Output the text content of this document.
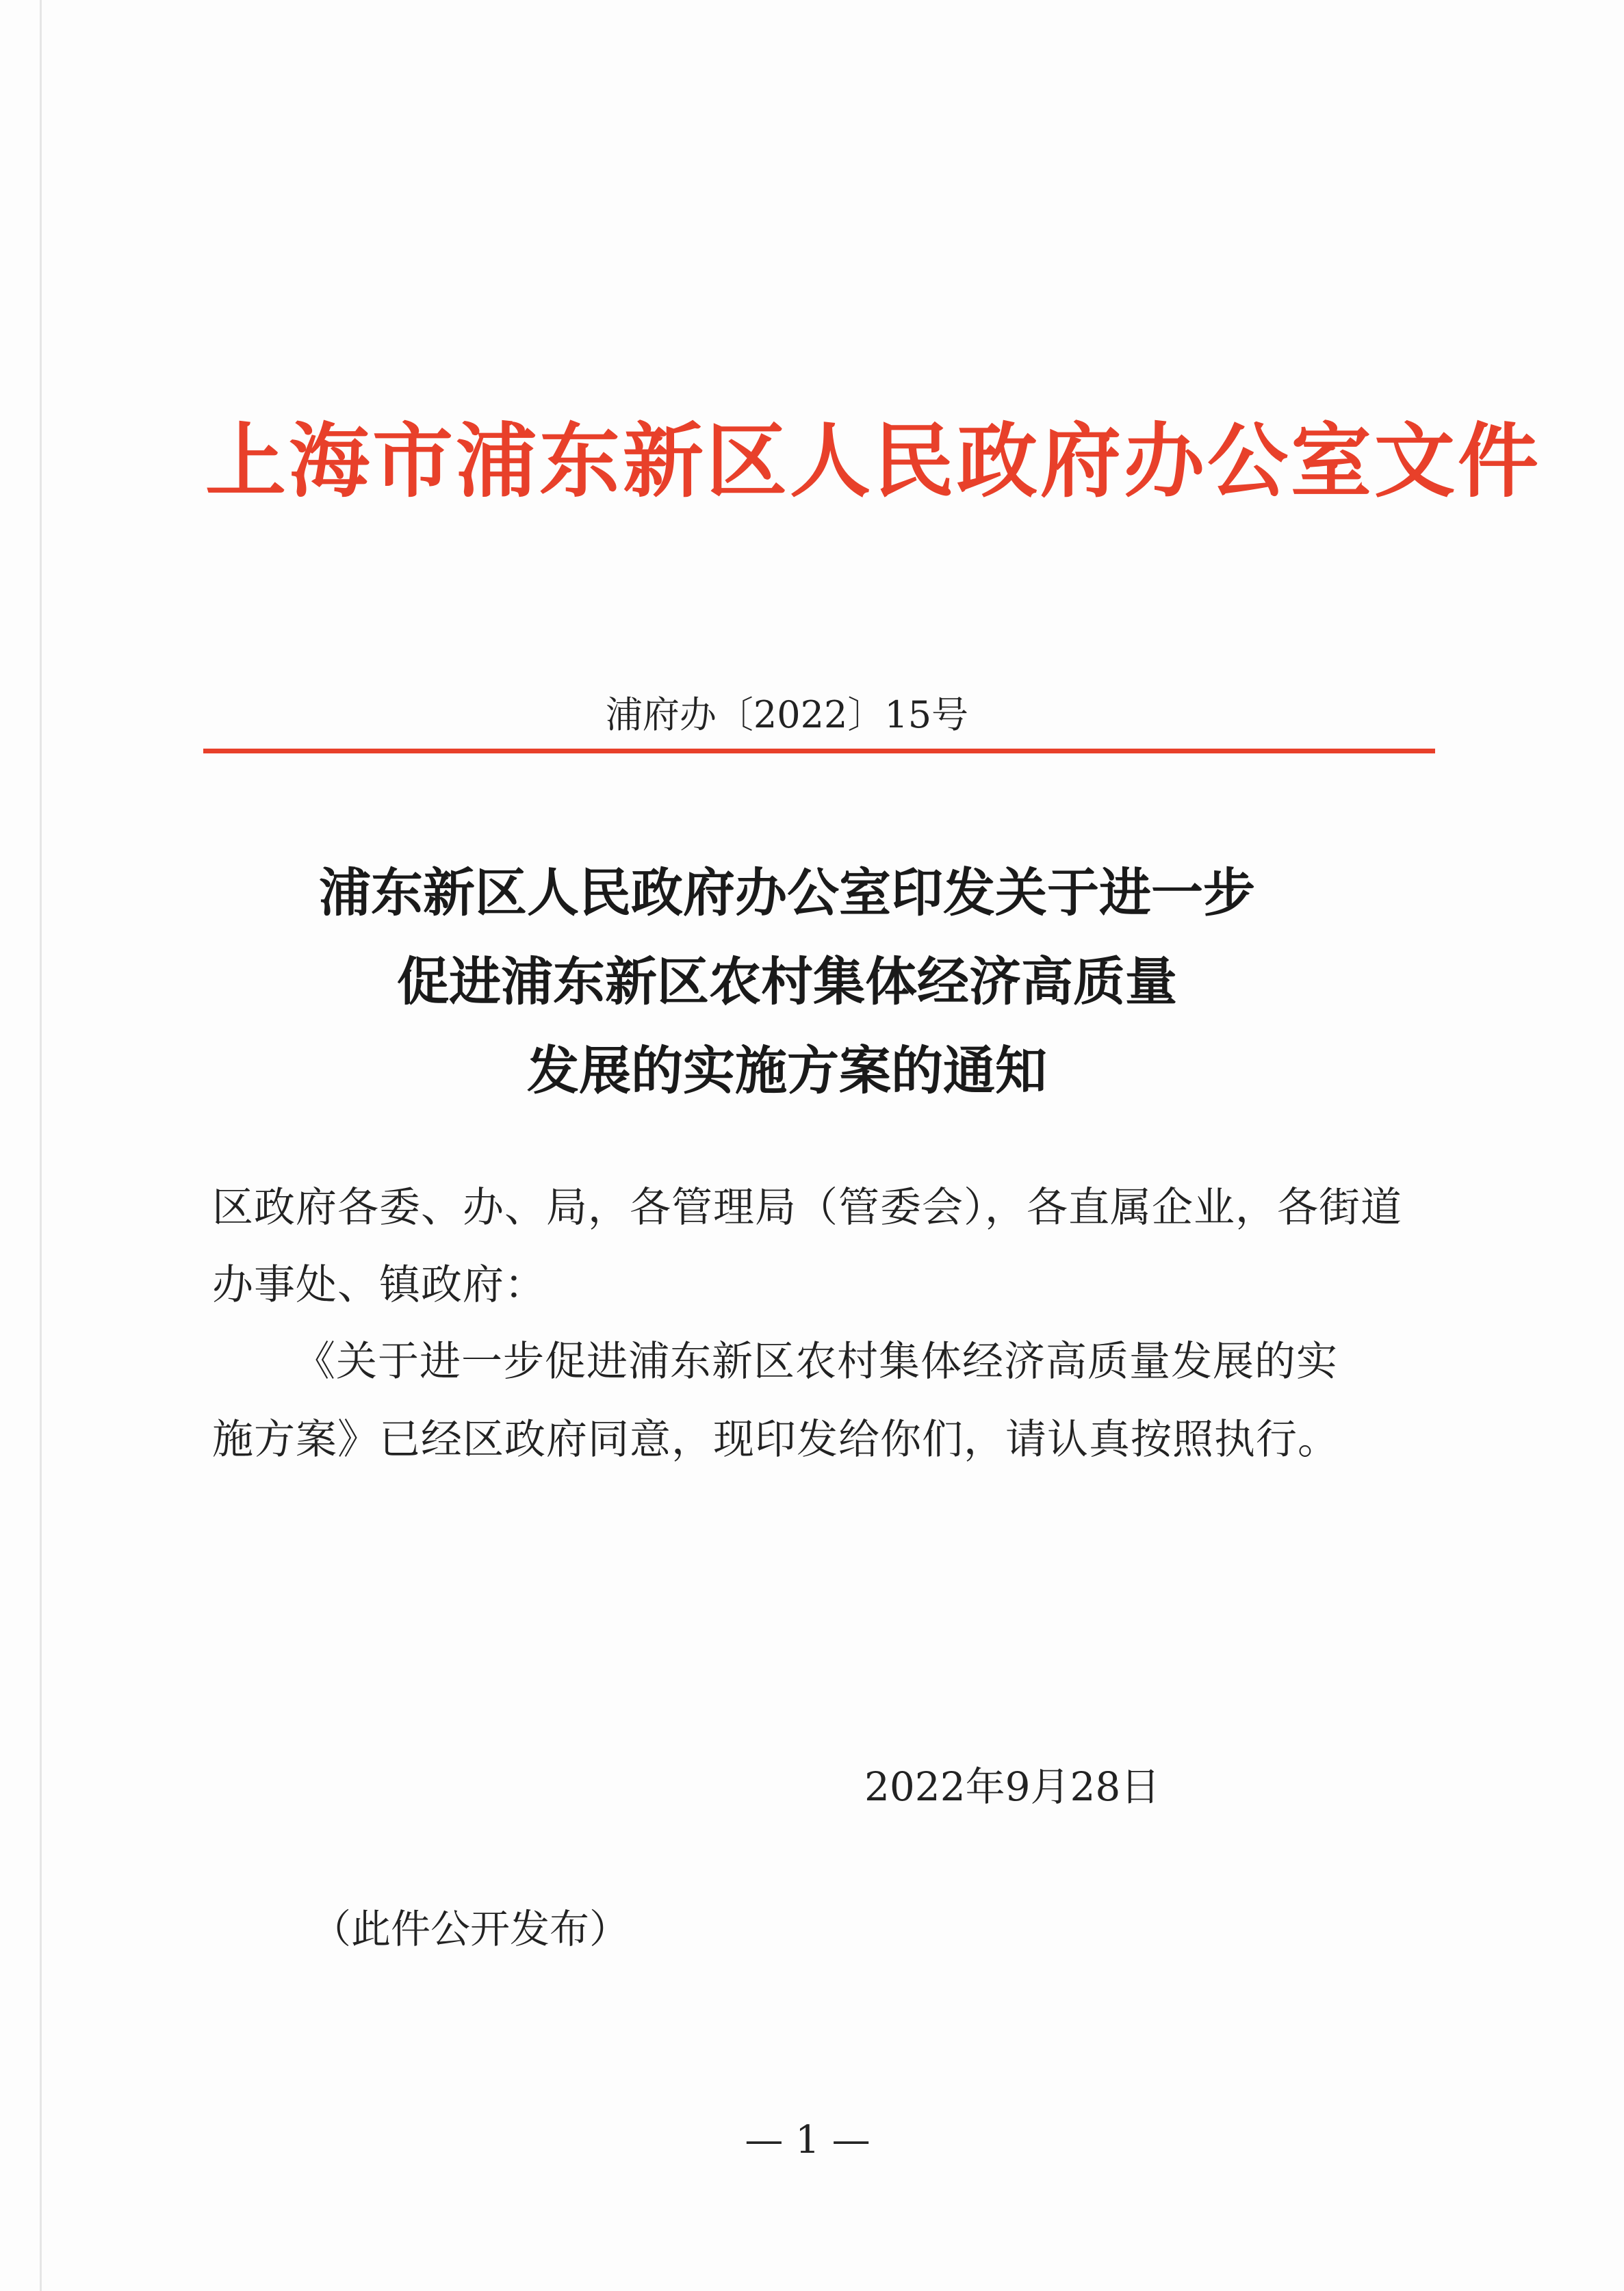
上海市浦东新区人民政府办公室文件
浦府办〔2022〕15号
浦东新区人民政府办公室印发关于进一步
促进浦东新区农村集体经济高质量
发展的实施方案的通知
区政府各委、办、局，各管理局（管委会），各直属企业，各街道
办事处、镇政府：
《关于进一步促进浦东新区农村集体经济高质量发展的实
施方案》已经区政府同意，现印发给你们，请认真按照执行。
2022年9月28日
（此件公开发布）
— 1 —
